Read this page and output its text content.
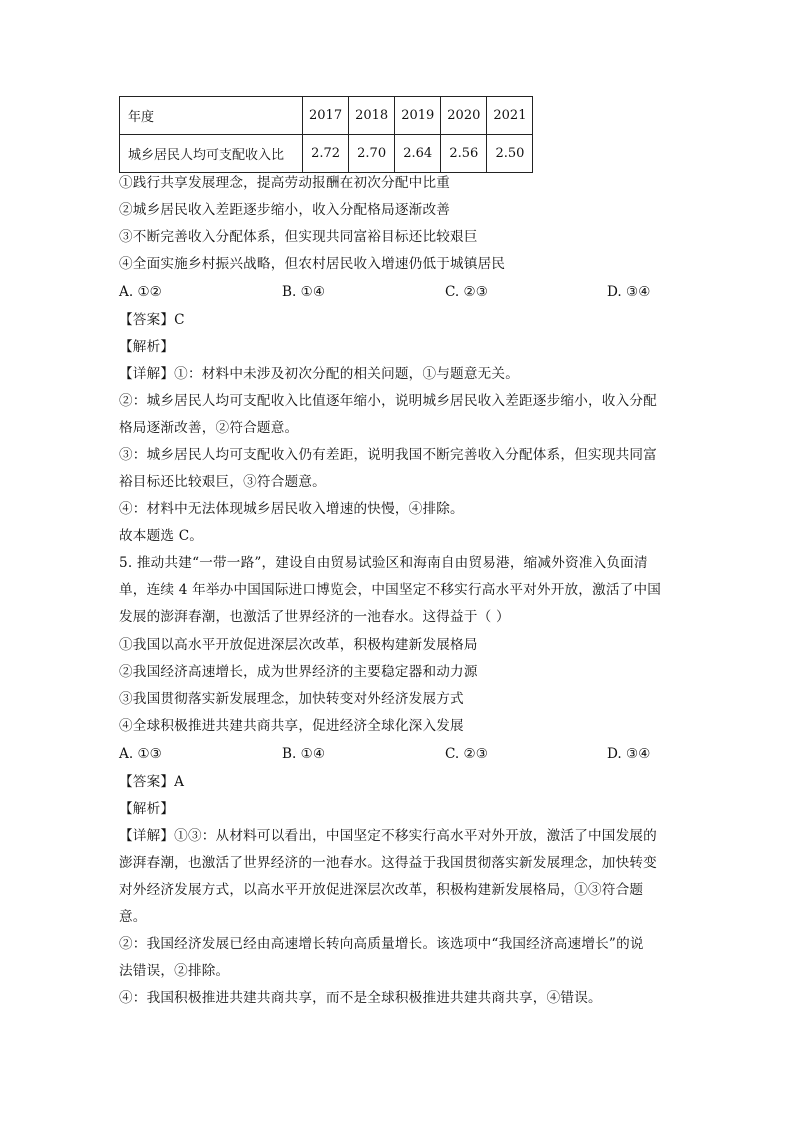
年度	2017	2018	2019	2020	2021
城乡居民人均可支配收入比	2.72	2.70	2.64	2.56	2.50
①践行共享发展理念，提高劳动报酬在初次分配中比重
②城乡居民收入差距逐步缩小，收入分配格局逐渐改善
③不断完善收入分配体系，但实现共同富裕目标还比较艰巨
④全面实施乡村振兴战略，但农村居民收入增速仍低于城镇居民
A. ①②	B. ①④	C. ②③	D. ③④
【答案】C
【解析】
【详解】①：材料中未涉及初次分配的相关问题，①与题意无关。
②：城乡居民人均可支配收入比值逐年缩小，说明城乡居民收入差距逐步缩小，收入分配
格局逐渐改善，②符合题意。
③：城乡居民人均可支配收入仍有差距，说明我国不断完善收入分配体系，但实现共同富
裕目标还比较艰巨，③符合题意。
④：材料中无法体现城乡居民收入增速的快慢，④排除。
故本题选 C。
5. 推动共建“一带一路”，建设自由贸易试验区和海南自由贸易港，缩减外资准入负面清
单，连续 4 年举办中国国际进口博览会，中国坚定不移实行高水平对外开放，激活了中国
发展的澎湃春潮，也激活了世界经济的一池春水。这得益于（ ）
①我国以高水平开放促进深层次改革，积极构建新发展格局
②我国经济高速增长，成为世界经济的主要稳定器和动力源
③我国贯彻落实新发展理念，加快转变对外经济发展方式
④全球积极推进共建共商共享，促进经济全球化深入发展
A. ①③	B. ①④	C. ②③	D. ③④
【答案】A
【解析】
【详解】①③：从材料可以看出，中国坚定不移实行高水平对外开放，激活了中国发展的
澎湃春潮，也激活了世界经济的一池春水。这得益于我国贯彻落实新发展理念，加快转变
对外经济发展方式，以高水平开放促进深层次改革，积极构建新发展格局，①③符合题
意。
②：我国经济发展已经由高速增长转向高质量增长。该选项中“我国经济高速增长”的说
法错误，②排除。
④：我国积极推进共建共商共享，而不是全球积极推进共建共商共享，④错误。
